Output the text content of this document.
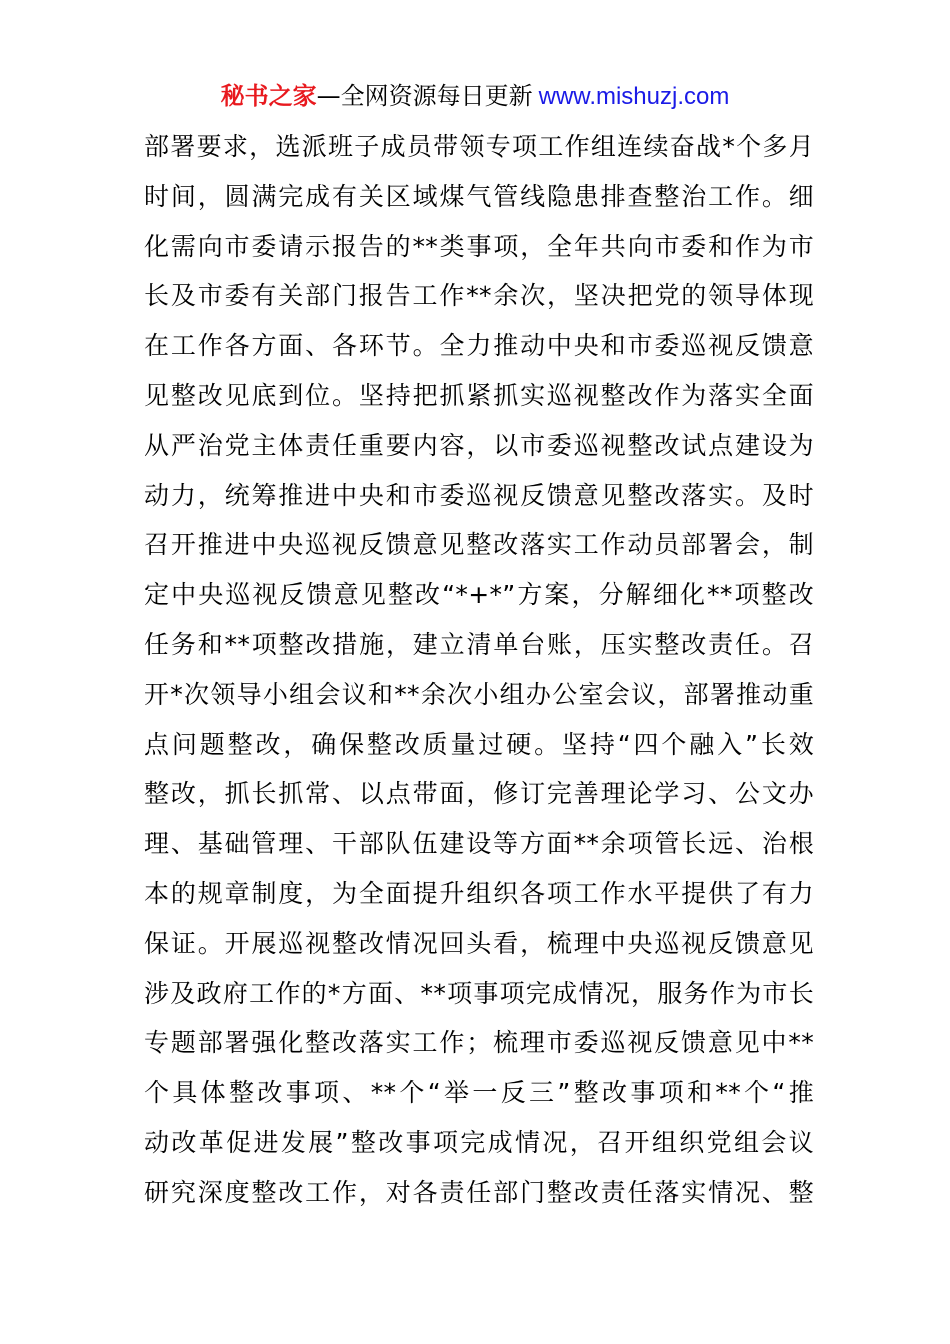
秘书之家—全网资源每日更新 www.mishuzj.com
部署要求，选派班子成员带领专项工作组连续奋战*个多月
时间，圆满完成有关区域煤气管线隐患排查整治工作。细
化需向市委请示报告的**类事项，全年共向市委和作为市
长及市委有关部门报告工作**余次，坚决把党的领导体现
在工作各方面、各环节。全力推动中央和市委巡视反馈意
见整改见底到位。坚持把抓紧抓实巡视整改作为落实全面
从严治党主体责任重要内容，以市委巡视整改试点建设为
动力，统筹推进中央和市委巡视反馈意见整改落实。及时
召开推进中央巡视反馈意见整改落实工作动员部署会，制
定中央巡视反馈意见整改“*+*”方案，分解细化**项整改
任务和**项整改措施，建立清单台账，压实整改责任。召
开*次领导小组会议和**余次小组办公室会议，部署推动重
点问题整改，确保整改质量过硬。坚持“四个融入”长效
整改，抓长抓常、以点带面，修订完善理论学习、公文办
理、基础管理、干部队伍建设等方面**余项管长远、治根
本的规章制度，为全面提升组织各项工作水平提供了有力
保证。开展巡视整改情况回头看，梳理中央巡视反馈意见
涉及政府工作的*方面、**项事项完成情况，服务作为市长
专题部署强化整改落实工作；梳理市委巡视反馈意见中**
个具体整改事项、**个“举一反三”整改事项和**个“推
动改革促进发展”整改事项完成情况，召开组织党组会议
研究深度整改工作，对各责任部门整改责任落实情况、整
